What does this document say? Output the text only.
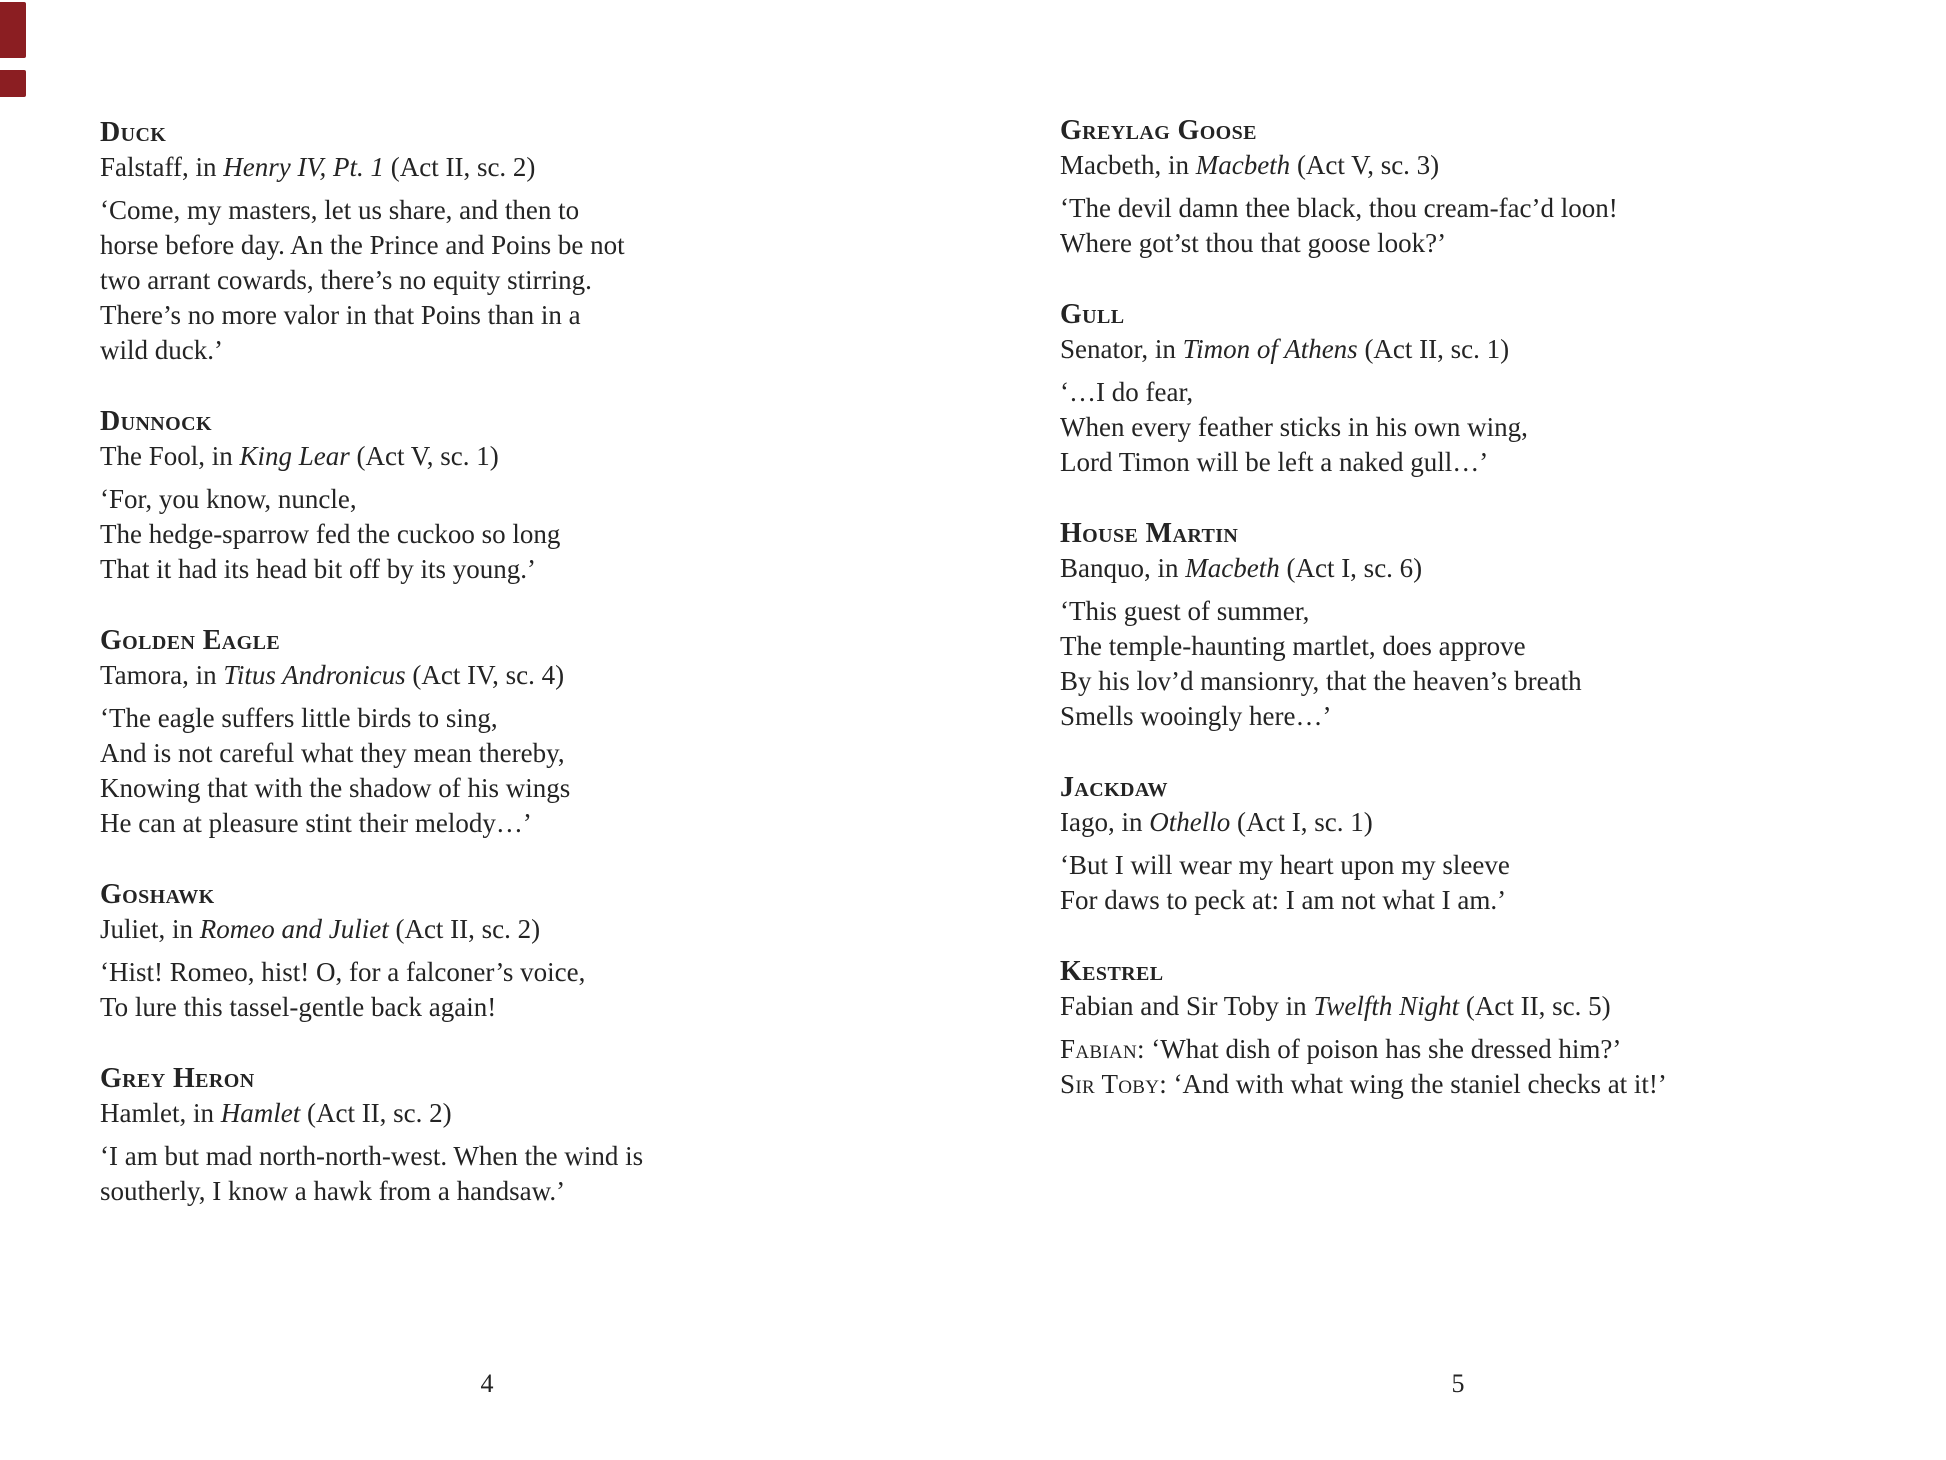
Duck
Falstaff, in Henry IV, Pt. 1 (Act II, sc. 2)
‘Come, my masters, let us share, and then to
horse before day. An the Prince and Poins be not
two arrant cowards, there’s no equity stirring.
There’s no more valor in that Poins than in a
wild duck.’
Dunnock
The Fool, in King Lear (Act V, sc. 1)
‘For, you know, nuncle,
The hedge-sparrow fed the cuckoo so long
That it had its head bit off by its young.’
Golden Eagle
Tamora, in Titus Andronicus (Act IV, sc. 4)
‘The eagle suffers little birds to sing,
And is not careful what they mean thereby,
Knowing that with the shadow of his wings
He can at pleasure stint their melody…’
Goshawk
Juliet, in Romeo and Juliet (Act II, sc. 2)
‘Hist! Romeo, hist! O, for a falconer’s voice,
To lure this tassel-gentle back again!
Grey Heron
Hamlet, in Hamlet (Act II, sc. 2)
‘I am but mad north-north-west. When the wind is
southerly, I know a hawk from a handsaw.’
Greylag Goose
Macbeth, in Macbeth (Act V, sc. 3)
‘The devil damn thee black, thou cream-fac’d loon!
Where got’st thou that goose look?’
Gull
Senator, in Timon of Athens (Act II, sc. 1)
‘…I do fear,
When every feather sticks in his own wing,
Lord Timon will be left a naked gull…’
House Martin
Banquo, in Macbeth (Act I, sc. 6)
‘This guest of summer,
The temple-haunting martlet, does approve
By his lov’d mansionry, that the heaven’s breath
Smells wooingly here…’
Jackdaw
Iago, in Othello (Act I, sc. 1)
‘But I will wear my heart upon my sleeve
For daws to peck at: I am not what I am.’
Kestrel
Fabian and Sir Toby in Twelfth Night (Act II, sc. 5)
Fabian: ‘What dish of poison has she dressed him?’
Sir Toby: ‘And with what wing the staniel checks at it!’
4	5
